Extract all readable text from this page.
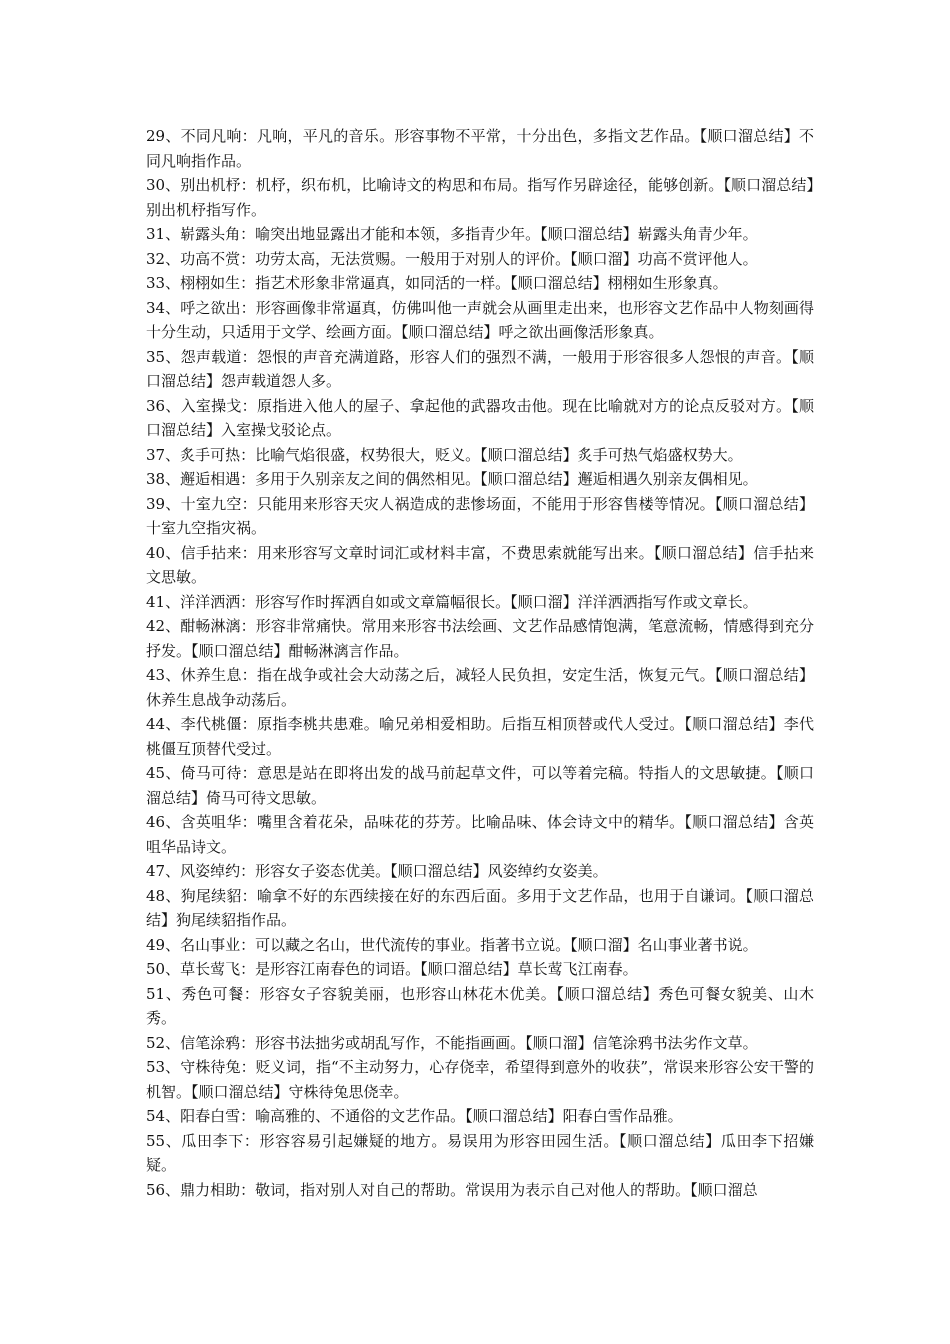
29、不同凡响：凡响，平凡的音乐。形容事物不平常，十分出色，多指文艺作品。【顺口溜总结】不同凡响指作品。

30、别出机杼：机杼，织布机，比喻诗文的构思和布局。指写作另辟途径，能够创新。【顺口溜总结】别出机杼指写作。

31、崭露头角：喻突出地显露出才能和本领，多指青少年。【顺口溜总结】崭露头角青少年。

32、功高不赏：功劳太高，无法赏赐。一般用于对别人的评价。【顺口溜】功高不赏评他人。

33、栩栩如生：指艺术形象非常逼真，如同活的一样。【顺口溜总结】栩栩如生形象真。

34、呼之欲出：形容画像非常逼真，仿佛叫他一声就会从画里走出来，也形容文艺作品中人物刻画得十分生动，只适用于文学、绘画方面。【顺口溜总结】呼之欲出画像活形象真。

35、怨声载道：怨恨的声音充满道路，形容人们的强烈不满，一般用于形容很多人怨恨的声音。【顺口溜总结】怨声载道怨人多。

36、入室操戈：原指进入他人的屋子、拿起他的武器攻击他。现在比喻就对方的论点反驳对方。【顺口溜总结】入室操戈驳论点。

37、炙手可热：比喻气焰很盛，权势很大，贬义。【顺口溜总结】炙手可热气焰盛权势大。

38、邂逅相遇：多用于久别亲友之间的偶然相见。【顺口溜总结】邂逅相遇久别亲友偶相见。

39、十室九空：只能用来形容天灾人祸造成的悲惨场面，不能用于形容售楼等情况。【顺口溜总结】十室九空指灾祸。

40、信手拈来：用来形容写文章时词汇或材料丰富，不费思索就能写出来。【顺口溜总结】信手拈来文思敏。

41、洋洋洒洒：形容写作时挥洒自如或文章篇幅很长。【顺口溜】洋洋洒洒指写作或文章长。

42、酣畅淋漓：形容非常痛快。常用来形容书法绘画、文艺作品感情饱满，笔意流畅，情感得到充分抒发。【顺口溜总结】酣畅淋漓言作品。

43、休养生息：指在战争或社会大动荡之后，减轻人民负担，安定生活，恢复元气。【顺口溜总结】休养生息战争动荡后。

44、李代桃僵：原指李桃共患难。喻兄弟相爱相助。后指互相顶替或代人受过。【顺口溜总结】李代桃僵互顶替代受过。

45、倚马可待：意思是站在即将出发的战马前起草文件，可以等着完稿。特指人的文思敏捷。【顺口溜总结】倚马可待文思敏。

46、含英咀华：嘴里含着花朵，品味花的芬芳。比喻品味、体会诗文中的精华。【顺口溜总结】含英咀华品诗文。

47、风姿绰约：形容女子姿态优美。【顺口溜总结】风姿绰约女姿美。

48、狗尾续貂：喻拿不好的东西续接在好的东西后面。多用于文艺作品，也用于自谦词。【顺口溜总结】狗尾续貂指作品。

49、名山事业：可以藏之名山，世代流传的事业。指著书立说。【顺口溜】名山事业著书说。

50、草长莺飞：是形容江南春色的词语。【顺口溜总结】草长莺飞江南春。

51、秀色可餐：形容女子容貌美丽，也形容山林花木优美。【顺口溜总结】秀色可餐女貌美、山木秀。

52、信笔涂鸦：形容书法拙劣或胡乱写作，不能指画画。【顺口溜】信笔涂鸦书法劣作文草。

53、守株待兔：贬义词，指“不主动努力，心存侥幸，希望得到意外的收获”，常误来形容公安干警的机智。【顺口溜总结】守株待兔思侥幸。

54、阳春白雪：喻高雅的、不通俗的文艺作品。【顺口溜总结】阳春白雪作品雅。

55、瓜田李下：形容容易引起嫌疑的地方。易误用为形容田园生活。【顺口溜总结】瓜田李下招嫌疑。

56、鼎力相助：敬词，指对别人对自己的帮助。常误用为表示自己对他人的帮助。【顺口溜总
